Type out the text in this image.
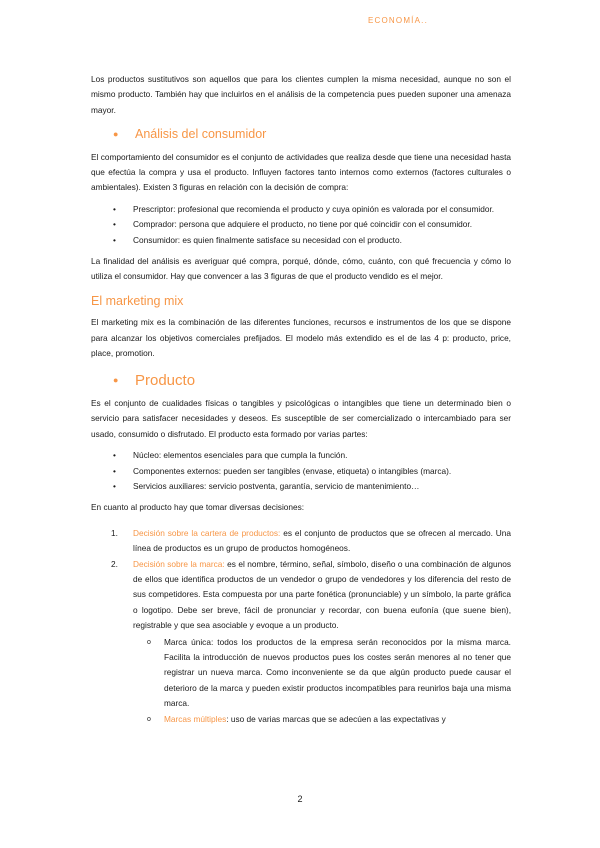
ECONOMÍA..

Los productos sustitutivos son aquellos que para los clientes cumplen la misma necesidad, aunque no son el mismo producto. También hay que incluirlos en el análisis de la competencia pues pueden suponer una amenaza mayor.

●	Análisis del consumidor

El comportamiento del consumidor es el conjunto de actividades que realiza desde que tiene una necesidad hasta que efectúa la compra y usa el producto. Influyen factores tanto internos como externos (factores culturales o ambientales). Existen 3 figuras en relación con la decisión de compra:

• Prescriptor: profesional que recomienda el producto y cuya opinión es valorada por el consumidor.
• Comprador: persona que adquiere el producto, no tiene por qué coincidir con el consumidor.
• Consumidor: es quien finalmente satisface su necesidad con el producto.

La finalidad del análisis es averiguar qué compra, porqué, dónde, cómo, cuánto, con qué frecuencia y cómo lo utiliza el consumidor. Hay que convencer a las 3 figuras de que el producto vendido es el mejor.

El marketing mix

El marketing mix es la combinación de las diferentes funciones, recursos e instrumentos de los que se dispone para alcanzar los objetivos comerciales prefijados. El modelo más extendido es el de las 4 p: producto, price, place, promotion.

●	Producto

Es el conjunto de cualidades físicas o tangibles y psicológicas o intangibles que tiene un determinado bien o servicio para satisfacer necesidades y deseos. Es susceptible de ser comercializado o intercambiado para ser usado, consumido o disfrutado. El producto esta formado por varias partes:

• Núcleo: elementos esenciales para que cumpla la función.
• Componentes externos: pueden ser tangibles (envase, etiqueta) o intangibles (marca).
• Servicios auxiliares: servicio postventa, garantía, servicio de mantenimiento…

En cuanto al producto hay que tomar diversas decisiones:

1. Decisión sobre la cartera de productos: es el conjunto de productos que se ofrecen al mercado. Una línea de productos es un grupo de productos homogéneos.
2. Decisión sobre la marca: es el nombre, término, señal, símbolo, diseño o una combinación de algunos de ellos que identifica productos de un vendedor o grupo de vendedores y los diferencia del resto de sus competidores. Esta compuesta por una parte fonética (pronunciable) y un símbolo, la parte gráfica o logotipo. Debe ser breve, fácil de pronunciar y recordar, con buena eufonía (que suene bien), registrable y que sea asociable y evoque a un producto.
o Marca única: todos los productos de la empresa serán reconocidos por la misma marca. Facilita la introducción de nuevos productos pues los costes serán menores al no tener que registrar un nueva marca. Como inconveniente se da que algún producto puede causar el deterioro de la marca y pueden existir productos incompatibles para reunirlos baja una misma marca.
o Marcas múltiples: uso de varias marcas que se adecúen a las expectativas y
2
